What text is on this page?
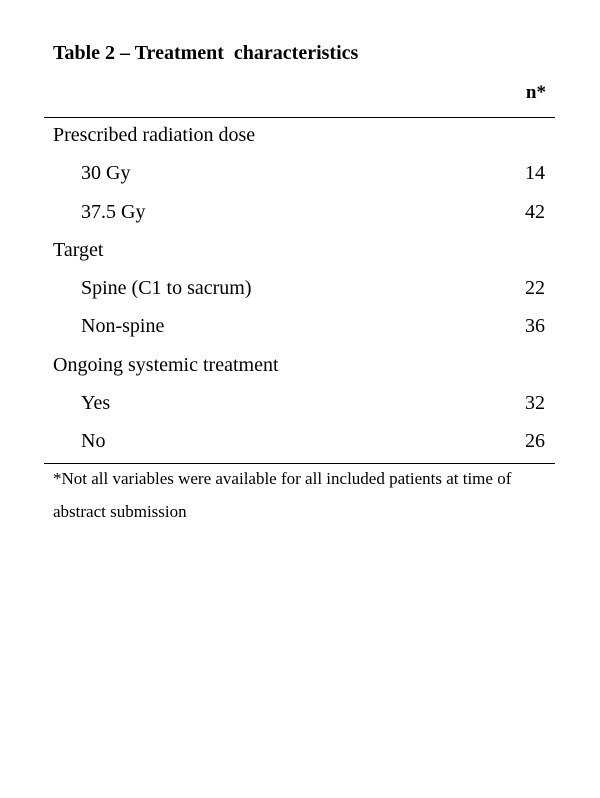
Table 2 – Treatment  characteristics
n*
Prescribed radiation dose
30 Gy	14
37.5 Gy	42
Target
Spine (C1 to sacrum)	22
Non-spine	36
Ongoing systemic treatment
Yes	32
No	26
*Not all variables were available for all included patients at time of abstract submission
